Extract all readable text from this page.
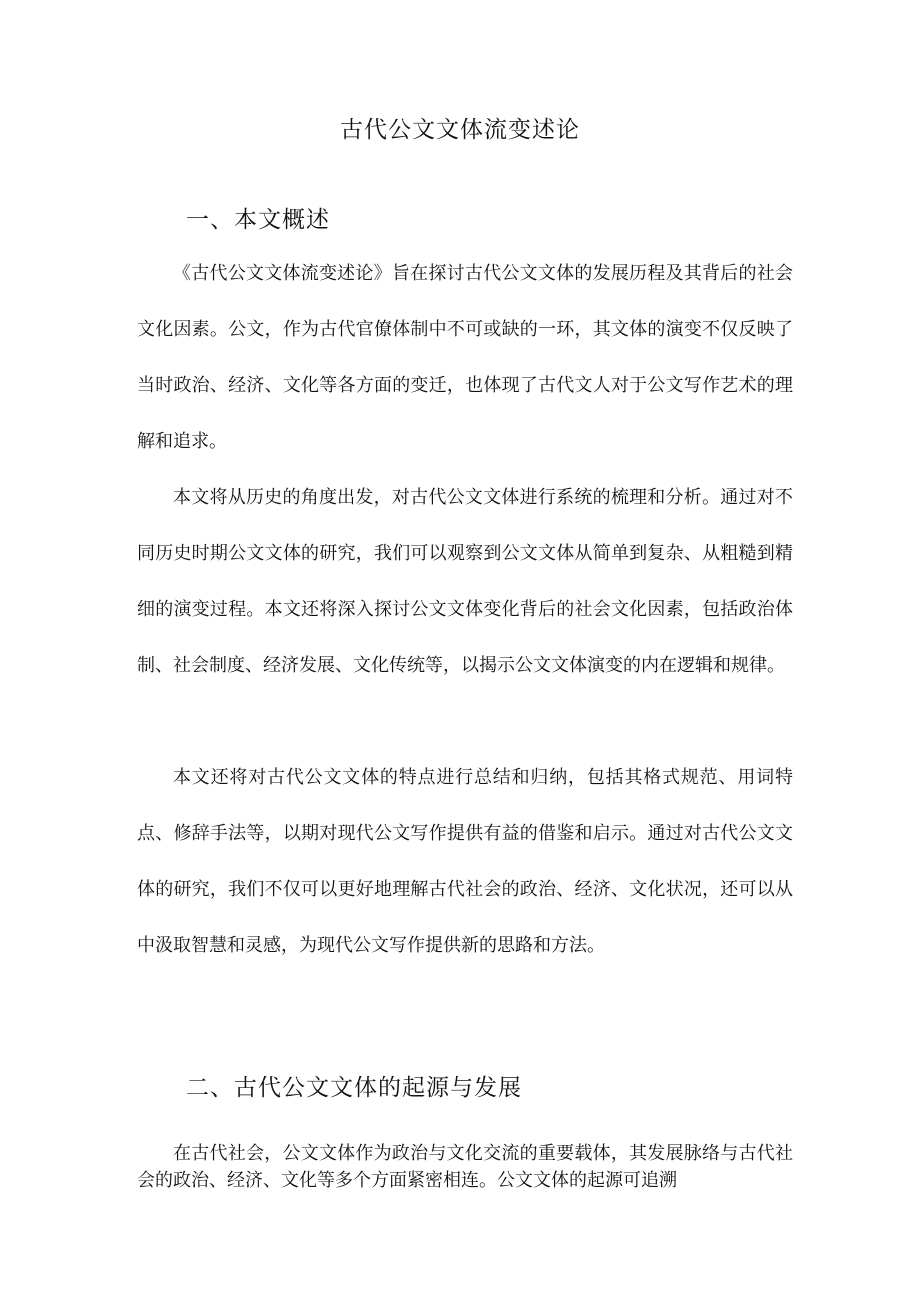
古代公文文体流变述论
一、本文概述

《古代公文文体流变述论》旨在探讨古代公文文体的发展历程及其背后的社会文化因素。公文，作为古代官僚体制中不可或缺的一环，其文体的演变不仅反映了当时政治、经济、文化等各方面的变迁，也体现了古代文人对于公文写作艺术的理解和追求。

本文将从历史的角度出发，对古代公文文体进行系统的梳理和分析。通过对不同历史时期公文文体的研究，我们可以观察到公文文体从简单到复杂、从粗糙到精细的演变过程。本文还将深入探讨公文文体变化背后的社会文化因素，包括政治体制、社会制度、经济发展、文化传统等，以揭示公文文体演变的内在逻辑和规律。

本文还将对古代公文文体的特点进行总结和归纳，包括其格式规范、用词特点、修辞手法等，以期对现代公文写作提供有益的借鉴和启示。通过对古代公文文体的研究，我们不仅可以更好地理解古代社会的政治、经济、文化状况，还可以从中汲取智慧和灵感，为现代公文写作提供新的思路和方法。

二、古代公文文体的起源与发展

在古代社会，公文文体作为政治与文化交流的重要载体，其发展脉络与古代社会的政治、经济、文化等多个方面紧密相连。公文文体的起源可追溯
